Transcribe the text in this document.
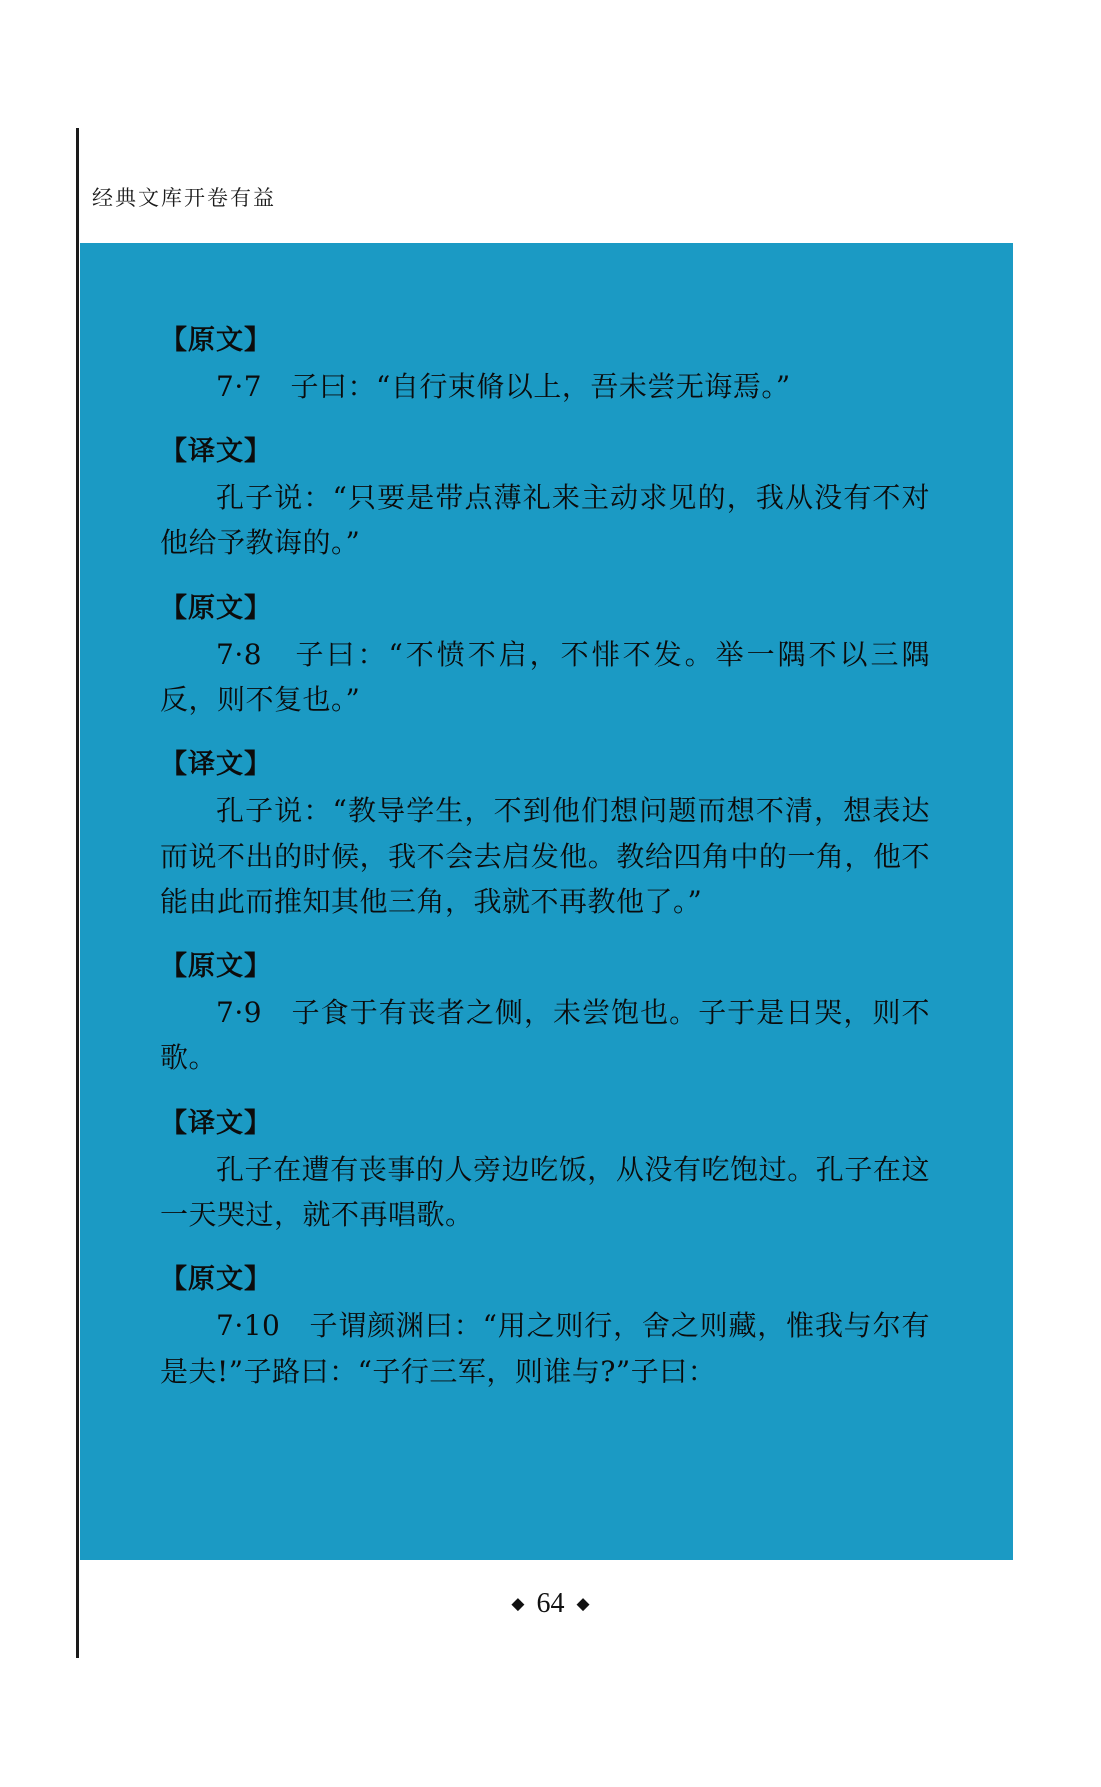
经典文库开卷有益
【原文】

7·7　子曰：“自行束脩以上，吾未尝无诲焉。”

【译文】

孔子说：“只要是带点薄礼来主动求见的，我从没有不对他给予教诲的。”

【原文】

7·8　子曰：“不愤不启，不悱不发。举一隅不以三隅反，则不复也。”

【译文】

孔子说：“教导学生，不到他们想问题而想不清，想表达而说不出的时候，我不会去启发他。教给四角中的一角，他不能由此而推知其他三角，我就不再教他了。”

【原文】

7·9　子食于有丧者之侧，未尝饱也。子于是日哭，则不歌。

【译文】

孔子在遭有丧事的人旁边吃饭，从没有吃饱过。孔子在这一天哭过，就不再唱歌。

【原文】

7·10　子谓颜渊曰：“用之则行，舍之则藏，惟我与尔有是夫!”子路曰：“子行三军，则谁与?”子曰：

◆ 64 ◆
